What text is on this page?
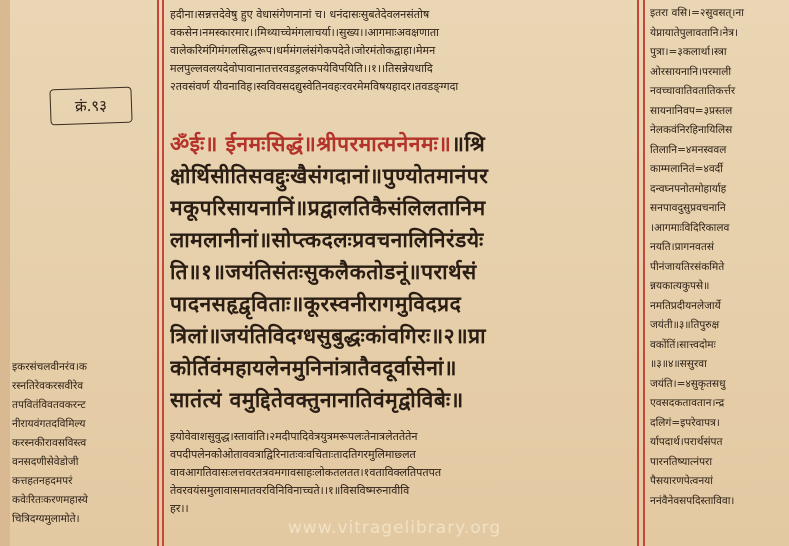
क्रं.९३
हदीना।सन्नत्तदेवेषु हुए वेधासंगेणनानां च। धनंदासःसुबतेदेवलनसंतोष
वकसेन।नमस्कारमार।।मिथ्याच्चेमंगलाचर्या।।सुख्य।।आगमाःअवक्षणाता
वालेकरिमंगिमंगलसिद्धरूप।धर्ममंगलंसंगेकपदेते।जोरमंतोकद्वाहा।मेमन
मलपुल्लवलयदेवोपावानातत्तरवडड्रलकपयेविपयिति।।१।।तिसन्नेयधादि
२तवसंवर्ण यीवनाविह।स्वविवसदद्युस्वेतिनवहःरवरमेमविषयहादर।तवडङ्ग्गदा
ॐईः॥ ईनमःसिद्धं॥श्रीपरमात्मनेनमः॥॥श्रि
क्षोर्थिसीतिसवद्दुःखैसंगदानां॥पुण्योतमानंपर
मकूपरिसायनानिं॥प्रद्वालतिकैसंलिलतानिम
लामलानीनां॥सोप्त्कदलःप्रवचनालिनिरंडयेः
ति॥१॥जयंतिसंतःसुकलैकतोडनूं॥परार्थसं
पादनसहृद्वृविताः॥कूरस्वनीरागमुविदप्रद
त्रिलां॥जयंतिविदग्धसुबुद्धःकांवगिरः॥२॥प्रा
कोर्तिवंमहायलेनमुनिनांत्रातैवदूर्वासेनां॥
सातंत्यं वमुद्दितेवक्तुनानातिवंमृद्वोविबेः॥
इयोवेवाशसुवुद्ध।स्तावांति।२मदीपादिवेत्रयुत्रमरूपलःतेनात्रलेततेतेन
वपदीपलेनकोओताववत्राद्विरिनातःवःवचिताःतादतिगरमुलिमाछ्लत
वावआगतिवासःलत्तवरतत्रवमगावसाहःलोकतलतत।१वताविक्लतिपतपत
तेवरवयंसमुलावासमातवरविनिविनाच्चते।।१॥विसविष्मरुनावीवि
हर।।
इकरसंचलवीनरंव।क
रस्नतिरेवकरसवीरेव
तपवितंविवतवकरन्ट
नीरायवंगतदविमिल्य
करस्नकीरावसविस्त्व
वनसदणीसेवेडोजी
कत्तहतनहदमपरं
कवेःरितःकरणमहास्ये
चित्रिदग्यमुलामोते।
इतरा वसि।=२सुवसत्।ना
येप्नायातेपुलावतानि।नेत्र।
पुत्रा।=३कलार्था।स्त्रा
ओरसायनानि।परमाली
नवच्चावातिवतातिकर्त्तर
सायनानिवप=३प्रस्तल
नेलकवंनिरहिनायिलिस
तिलानि=४मनस्ववल
काम्मलानितं=४वर्दी
दन्वघ्नपनोतमोहार्याह
सनपावदुसुप्रवचनानि
।आगमाःविदिरिकालव
नयति।प्रागनवतसं
पीनंजायतिरसंकमिते
न्नयकात्यकुपसे॥
नमतिप्रदीयनलेजार्ये
जयंती॥३॥तिपुरुक्ष
वकोंतिं।सात्त्वदोमः
॥३॥४॥ससुरवा
जयंति।=४सुकृतसधु
एवसदकतावतान।न्द्र
दलिगं=इपरेवापत्र।
र्यापदार्थ।परार्थसंपत
पारनतिष्यात्नंपरा
पैसयारणपेत्वनयां
ननंवैनेवसपदिस्ताविवा।
www.vitragelibrary.org
